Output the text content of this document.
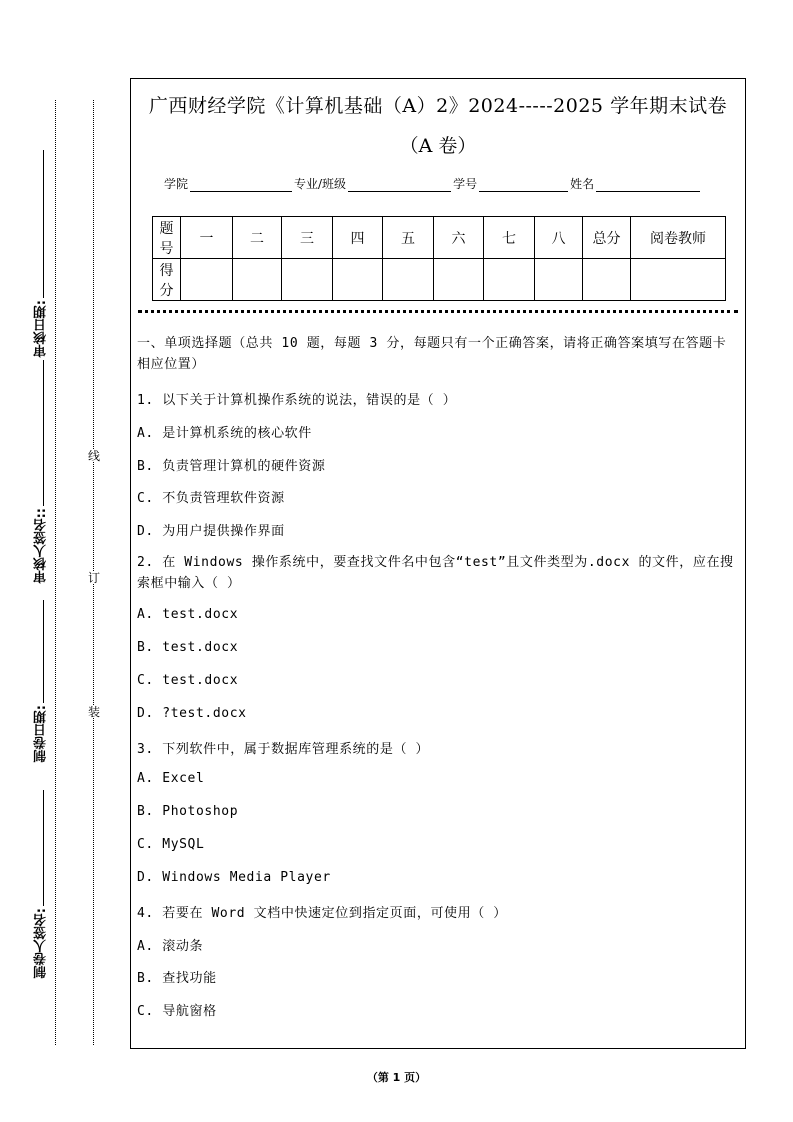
审核日期:
审核人签名::
制卷日期:
制卷人签名:
线
订
装
广西财经学院《计算机基础（A）2》2024-----2025 学年期末试卷
（A 卷）
学院	专业/班级	学号	姓名
题号	一	二	三	四	五	六	七	八	总分	阅卷教师
得分										
一、单项选择题（总共 10 题，每题 3 分，每题只有一个正确答案，请将正确答案填写在答题卡相应位置）
1. 以下关于计算机操作系统的说法，错误的是（ ）
A. 是计算机系统的核心软件
B. 负责管理计算机的硬件资源
C. 不负责管理软件资源
D. 为用户提供操作界面
2. 在 Windows 操作系统中，要查找文件名中包含“test”且文件类型为.docx 的文件，应在搜索框中输入（ ）
A. test.docx
B. test.docx
C. test.docx
D. ?test.docx
3. 下列软件中，属于数据库管理系统的是（ ）
A. Excel
B. Photoshop
C. MySQL
D. Windows Media Player
4. 若要在 Word 文档中快速定位到指定页面，可使用（ ）
A. 滚动条
B. 查找功能
C. 导航窗格
（第 1 页）
